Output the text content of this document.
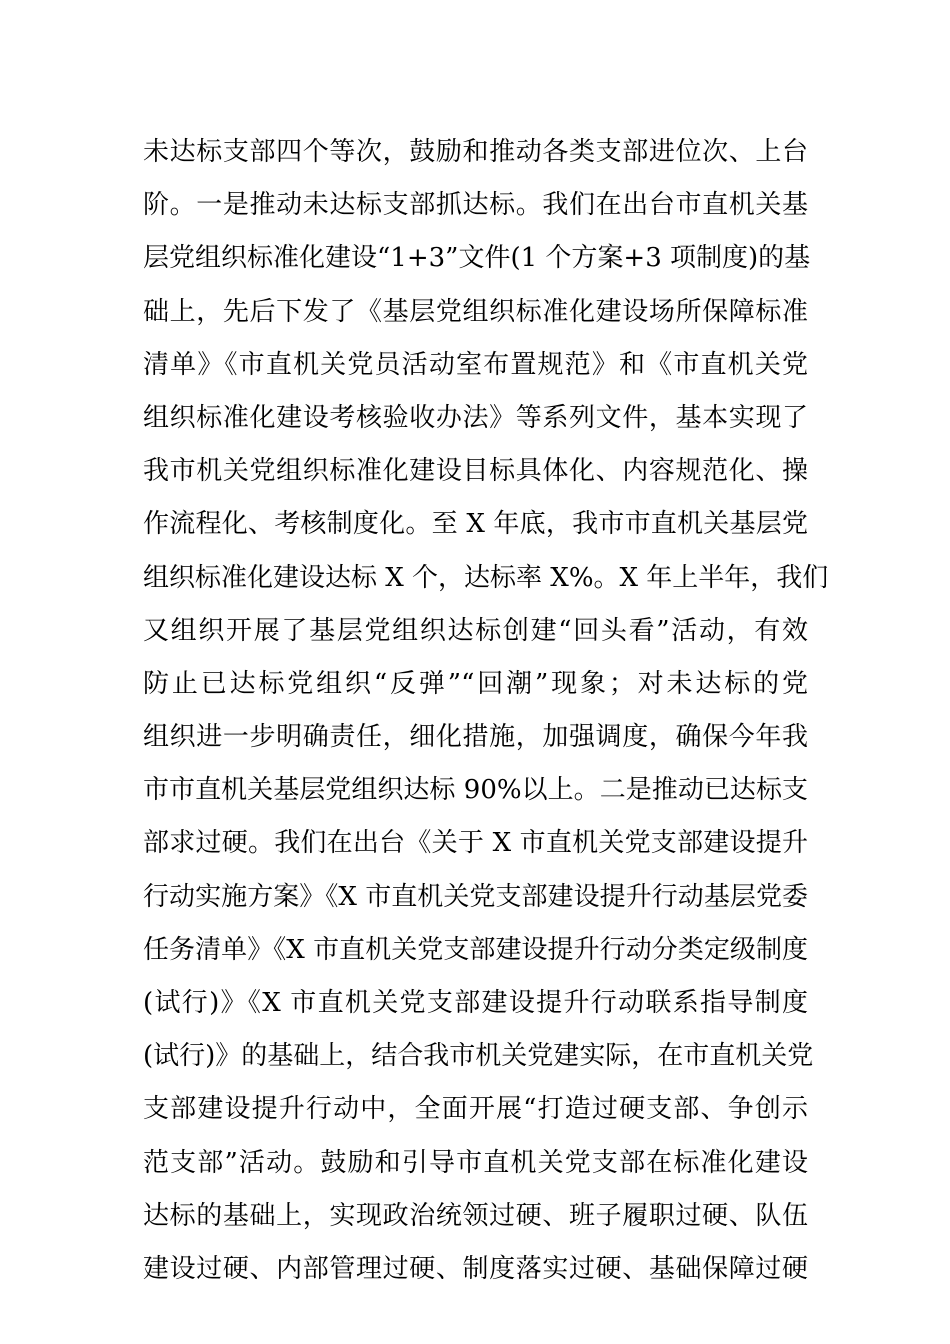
未达标支部四个等次，鼓励和推动各类支部进位次、上台
阶。一是推动未达标支部抓达标。我们在出台市直机关基
层党组织标准化建设“1+3”文件(1 个方案+3 项制度)的基
础上，先后下发了《基层党组织标准化建设场所保障标准
清单》《市直机关党员活动室布置规范》和《市直机关党
组织标准化建设考核验收办法》等系列文件，基本实现了
我市机关党组织标准化建设目标具体化、内容规范化、操
作流程化、考核制度化。至 X 年底，我市市直机关基层党
组织标准化建设达标 X 个，达标率 X%。X 年上半年，我们
又组织开展了基层党组织达标创建“回头看”活动，有效
防止已达标党组织“反弹”“回潮”现象；对未达标的党
组织进一步明确责任，细化措施，加强调度，确保今年我
市市直机关基层党组织达标 90%以上。二是推动已达标支
部求过硬。我们在出台《关于 X 市直机关党支部建设提升
行动实施方案》《X 市直机关党支部建设提升行动基层党委
任务清单》《X 市直机关党支部建设提升行动分类定级制度
(试行)》《X 市直机关党支部建设提升行动联系指导制度
(试行)》的基础上，结合我市机关党建实际，在市直机关党
支部建设提升行动中，全面开展“打造过硬支部、争创示
范支部”活动。鼓励和引导市直机关党支部在标准化建设
达标的基础上，实现政治统领过硬、班子履职过硬、队伍
建设过硬、内部管理过硬、制度落实过硬、基础保障过硬
